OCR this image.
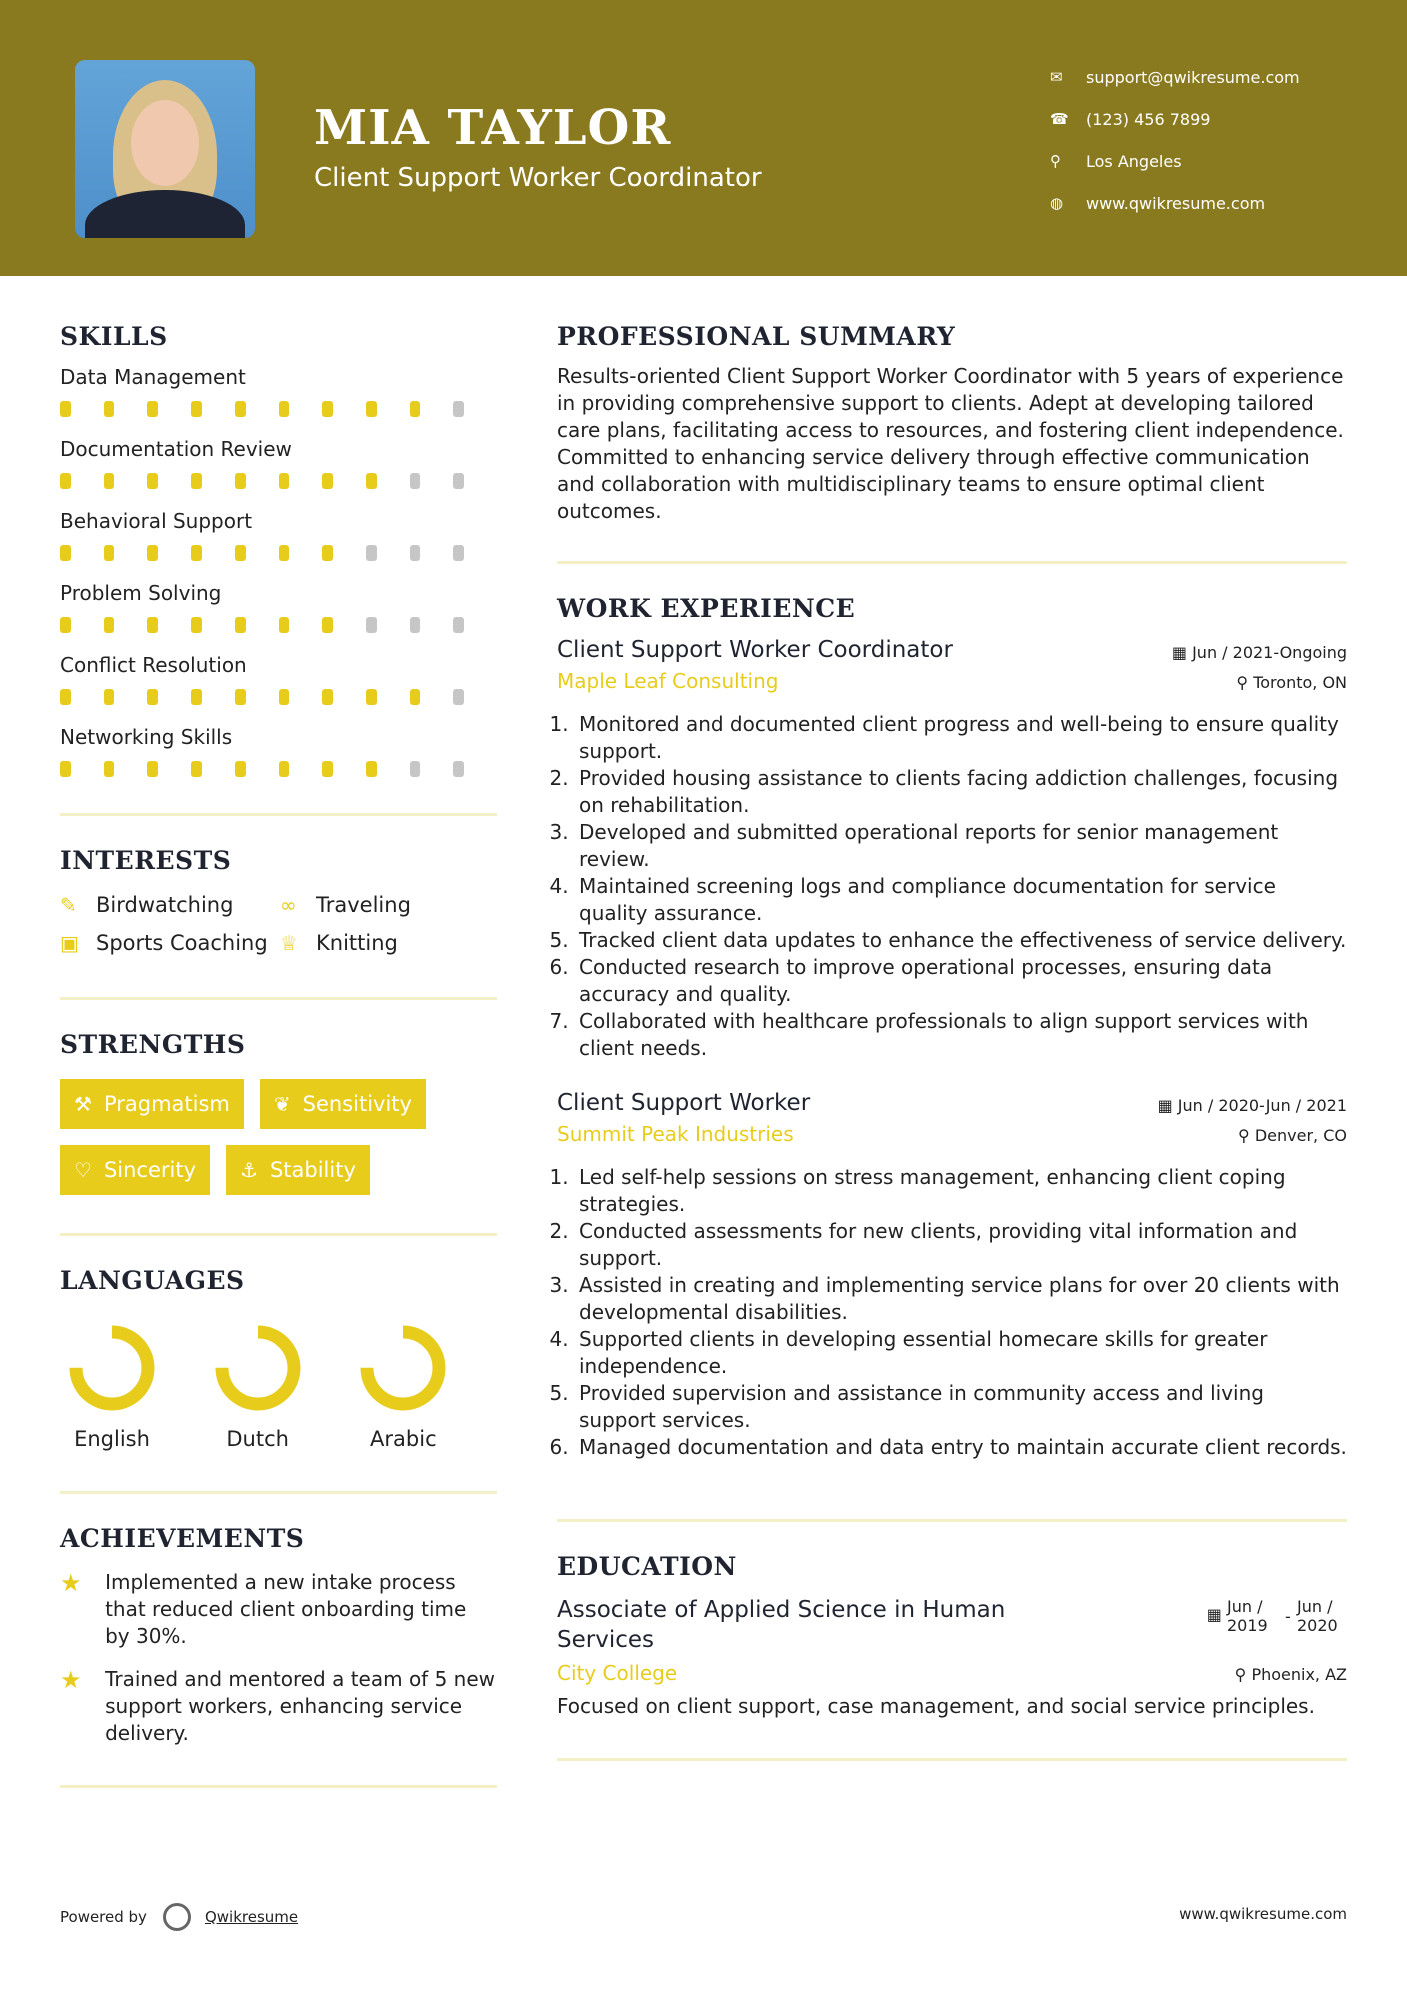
MIA TAYLOR
Client Support Worker Coordinator
✉	support@qwikresume.com
☎	(123) 456 7899
⚲	Los Angeles
◍	www.qwikresume.com
SKILLS
Data Management
Documentation Review
Behavioral Support
Problem Solving
Conflict Resolution
Networking Skills
INTERESTS
✎ Birdwatching ∞ Traveling
▣ Sports Coaching ♕ Knitting
STRENGTHS
⚒ Pragmatism ❦ Sensitivity
♡ Sincerity ⚓ Stability
LANGUAGES
English	Dutch	Arabic
ACHIEVEMENTS
★	Implemented a new intake process that reduced client onboarding time by 30%.
★	Trained and mentored a team of 5 new support workers, enhancing service delivery.
PROFESSIONAL SUMMARY
Results-oriented Client Support Worker Coordinator with 5 years of experience in providing comprehensive support to clients. Adept at developing tailored care plans, facilitating access to resources, and fostering client independence. Committed to enhancing service delivery through effective communication and collaboration with multidisciplinary teams to ensure optimal client outcomes.
WORK EXPERIENCE
Client Support Worker Coordinator	▦ Jun / 2021-Ongoing
Maple Leaf Consulting	⚲ Toronto, ON
1. Monitored and documented client progress and well-being to ensure quality support.
2. Provided housing assistance to clients facing addiction challenges, focusing on rehabilitation.
3. Developed and submitted operational reports for senior management review.
4. Maintained screening logs and compliance documentation for service quality assurance.
5. Tracked client data updates to enhance the effectiveness of service delivery.
6. Conducted research to improve operational processes, ensuring data accuracy and quality.
7. Collaborated with healthcare professionals to align support services with client needs.
Client Support Worker	▦ Jun / 2020-Jun / 2021
Summit Peak Industries	⚲ Denver, CO
1. Led self-help sessions on stress management, enhancing client coping strategies.
2. Conducted assessments for new clients, providing vital information and support.
3. Assisted in creating and implementing service plans for over 20 clients with developmental disabilities.
4. Supported clients in developing essential homecare skills for greater independence.
5. Provided supervision and assistance in community access and living support services.
6. Managed documentation and data entry to maintain accurate client records.
EDUCATION
Associate of Applied Science in Human Services
▦ Jun / 2019	-
Jun / 2020
City College	⚲ Phoenix, AZ
Focused on client support, case management, and social service principles.
Powered by	Qwikresume	www.qwikresume.com
